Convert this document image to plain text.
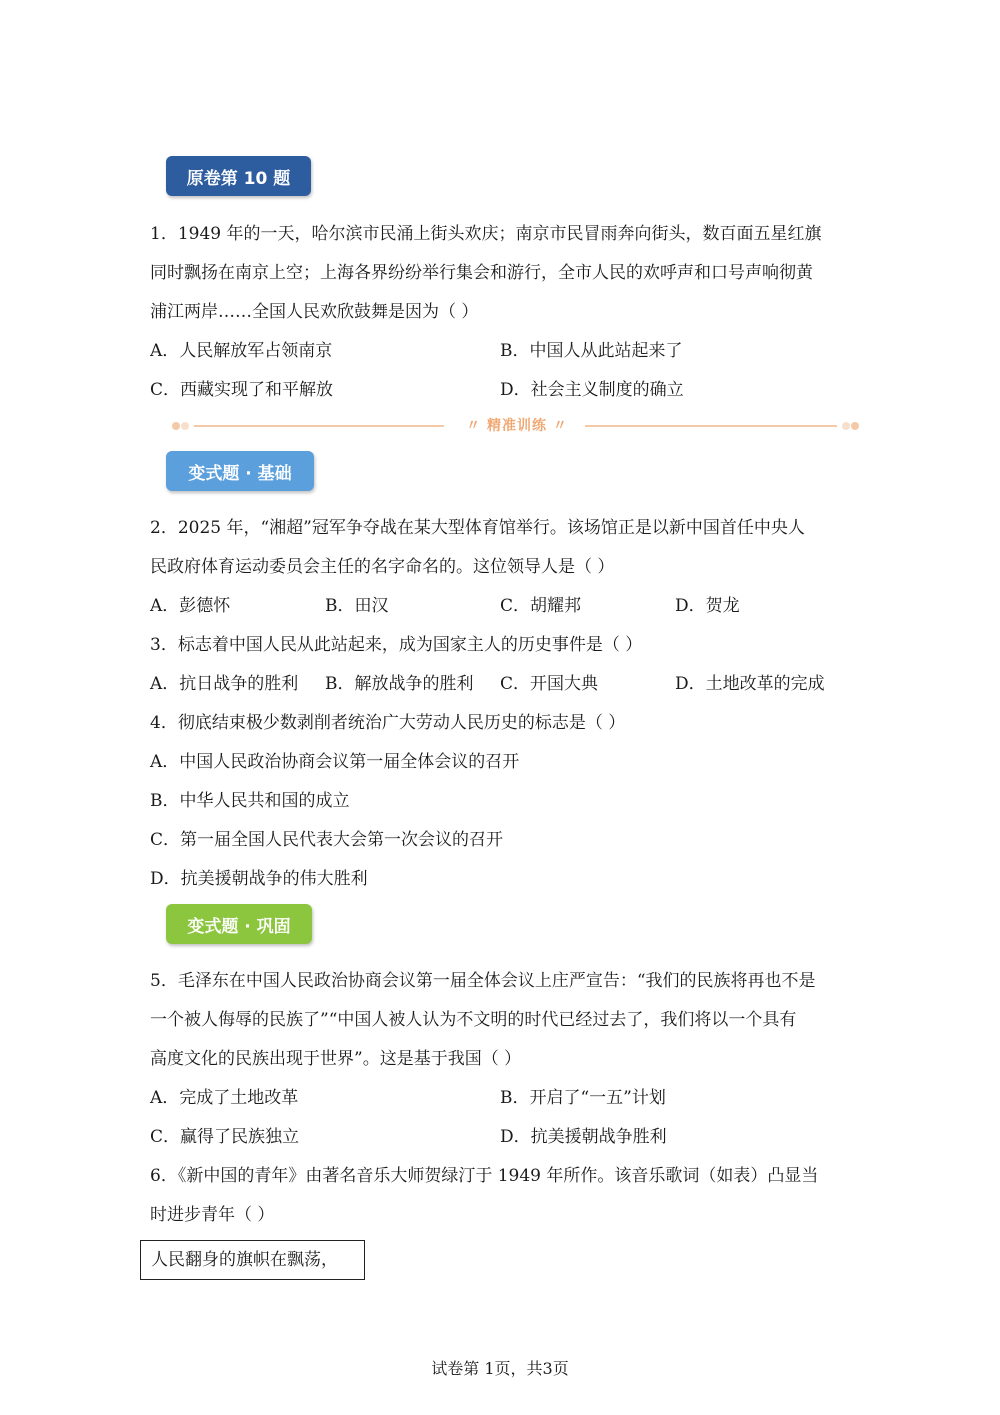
原卷第 10 题
1．1949 年的一天，哈尔滨市民涌上街头欢庆；南京市民冒雨奔向街头，数百面五星红旗
同时飘扬在南京上空；上海各界纷纷举行集会和游行，全市人民的欢呼声和口号声响彻黄
浦江两岸……全国人民欢欣鼓舞是因为（ ）
A．人民解放军占领南京	B．中国人从此站起来了
C．西藏实现了和平解放	D．社会主义制度的确立
〃 精准训练 〃
变式题 · 基础
2．2025 年，“湘超”冠军争夺战在某大型体育馆举行。该场馆正是以新中国首任中央人
民政府体育运动委员会主任的名字命名的。这位领导人是（ ）
A．彭德怀	B．田汉	C．胡耀邦	D．贺龙
3．标志着中国人民从此站起来，成为国家主人的历史事件是（ ）
A．抗日战争的胜利 B．解放战争的胜利 C．开国大典	D．土地改革的完成
4．彻底结束极少数剥削者统治广大劳动人民历史的标志是（ ）
A．中国人民政治协商会议第一届全体会议的召开
B．中华人民共和国的成立
C．第一届全国人民代表大会第一次会议的召开
D．抗美援朝战争的伟大胜利
变式题 · 巩固
5．毛泽东在中国人民政治协商会议第一届全体会议上庄严宣告：“我们的民族将再也不是
一个被人侮辱的民族了”“中国人被人认为不文明的时代已经过去了，我们将以一个具有
高度文化的民族出现于世界”。这是基于我国（ ）
A．完成了土地改革	B．开启了“一五”计划
C．赢得了民族独立	D．抗美援朝战争胜利
6．《新中国的青年》由著名音乐大师贺绿汀于 1949 年所作。该音乐歌词（如表）凸显当
时进步青年（ ）
人民翻身的旗帜在飘荡，
试卷第 1页，共3页
